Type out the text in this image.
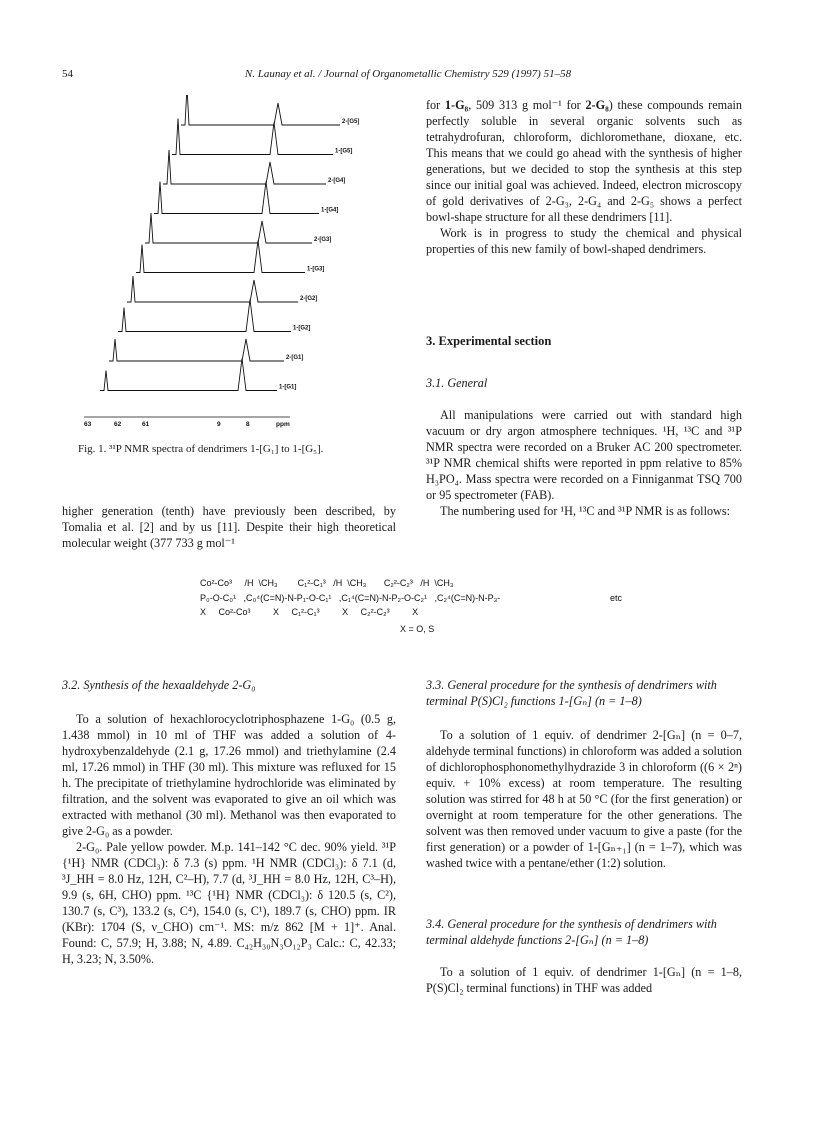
54	N. Launay et al. / Journal of Organometallic Chemistry 529 (1997) 51–58
2-[G5]
1-[G5]
2-[G4]
1-[G4]
2-[G3]
1-[G3]
2-[G2]
1-[G2]
2-[G1]
1-[G1]
63	62	61	9	8	ppm
Fig. 1. ³¹P NMR spectra of dendrimers 1-[G₁] to 1-[G₅].

higher generation (tenth) have previously been described, by Tomalia et al. [2] and by us [11]. Despite their high theoretical molecular weight (377 733 g mol⁻¹

for 1-G₈, 509 313 g mol⁻¹ for 2-G₈) these compounds remain perfectly soluble in several organic solvents such as tetrahydrofuran, chloroform, dichloromethane, dioxane, etc. This means that we could go ahead with the synthesis of higher generations, but we decided to stop the synthesis at this step since our initial goal was achieved. Indeed, electron microscopy of gold derivatives of 2-G₃, 2-G₄ and 2-G₅ shows a perfect bowl-shape structure for all these dendrimers [11].

Work is in progress to study the chemical and physical properties of this new family of bowl-shaped dendrimers.

3. Experimental section
3.1. General

All manipulations were carried out with standard high vacuum or dry argon atmosphere techniques. ¹H, ¹³C and ³¹P NMR spectra were recorded on a Bruker AC 200 spectrometer. ³¹P NMR chemical shifts were reported in ppm relative to 85% H₃PO₄. Mass spectra were recorded on a Finniganmat TSQ 700 or 95 spectrometer (FAB).

The numbering used for ¹H, ¹³C and ³¹P NMR is as follows:

Co²-Co³     /H  \CH₃        C₁²-C₁³   /H  \CH₃       C₂²-C₂³   /H  \CH₃
P₀-O-C₀¹   ,C₀⁴(C=N)-N-P₁-O-C₁¹   ,C₁⁴(C=N)-N-P₂-O-C₂¹   ,C₂⁴(C=N)-N-P₃-	etc
X     Co²-Co³         X     C₁²-C₁³         X     C₂²-C₂³         X
X = O, S
3.2. Synthesis of the hexaaldehyde 2-G₀

To a solution of hexachlorocyclotriphosphazene 1-G₀ (0.5 g, 1.438 mmol) in 10 ml of THF was added a solution of 4-hydroxybenzaldehyde (2.1 g, 17.26 mmol) and triethylamine (2.4 ml, 17.26 mmol) in THF (30 ml). This mixture was refluxed for 15 h. The precipitate of triethylamine hydrochloride was eliminated by filtration, and the solvent was evaporated to give an oil which was extracted with methanol (30 ml). Methanol was then evaporated to give 2-G₀ as a powder.

2-G₀. Pale yellow powder. M.p. 141–142 °C dec. 90% yield. ³¹P {¹H} NMR (CDCl₃): δ 7.3 (s) ppm. ¹H NMR (CDCl₃): δ 7.1 (d, ³J_HH = 8.0 Hz, 12H, C²–H), 7.7 (d, ³J_HH = 8.0 Hz, 12H, C³–H), 9.9 (s, 6H, CHO) ppm. ¹³C {¹H} NMR (CDCl₃): δ 120.5 (s, C²), 130.7 (s, C³), 133.2 (s, C⁴), 154.0 (s, C¹), 189.7 (s, CHO) ppm. IR (KBr): 1704 (S, ν_CHO) cm⁻¹. MS: m/z 862 [M + 1]⁺. Anal. Found: C, 57.9; H, 3.88; N, 4.89. C₄₂H₃₀N₃O₁₂P₃ Calc.: C, 42.33; H, 3.23; N, 3.50%.

3.3. General procedure for the synthesis of dendrimers with terminal P(S)Cl₂ functions 1-[Gₙ] (n = 1–8)

To a solution of 1 equiv. of dendrimer 2-[Gₙ] (n = 0–7, aldehyde terminal functions) in chloroform was added a solution of dichlorophosphonomethylhydrazide 3 in chloroform ((6 × 2ⁿ) equiv. + 10% excess) at room temperature. The resulting solution was stirred for 48 h at 50 °C (for the first generation) or overnight at room temperature for the other generations. The solvent was then removed under vacuum to give a paste (for the first generation) or a powder of 1-[Gₙ₊₁] (n = 1–7), which was washed twice with a pentane/ether (1:2) solution.

3.4. General procedure for the synthesis of dendrimers with terminal aldehyde functions 2-[Gₙ] (n = 1–8)

To a solution of 1 equiv. of dendrimer 1-[Gₙ] (n = 1–8, P(S)Cl₂ terminal functions) in THF was added
